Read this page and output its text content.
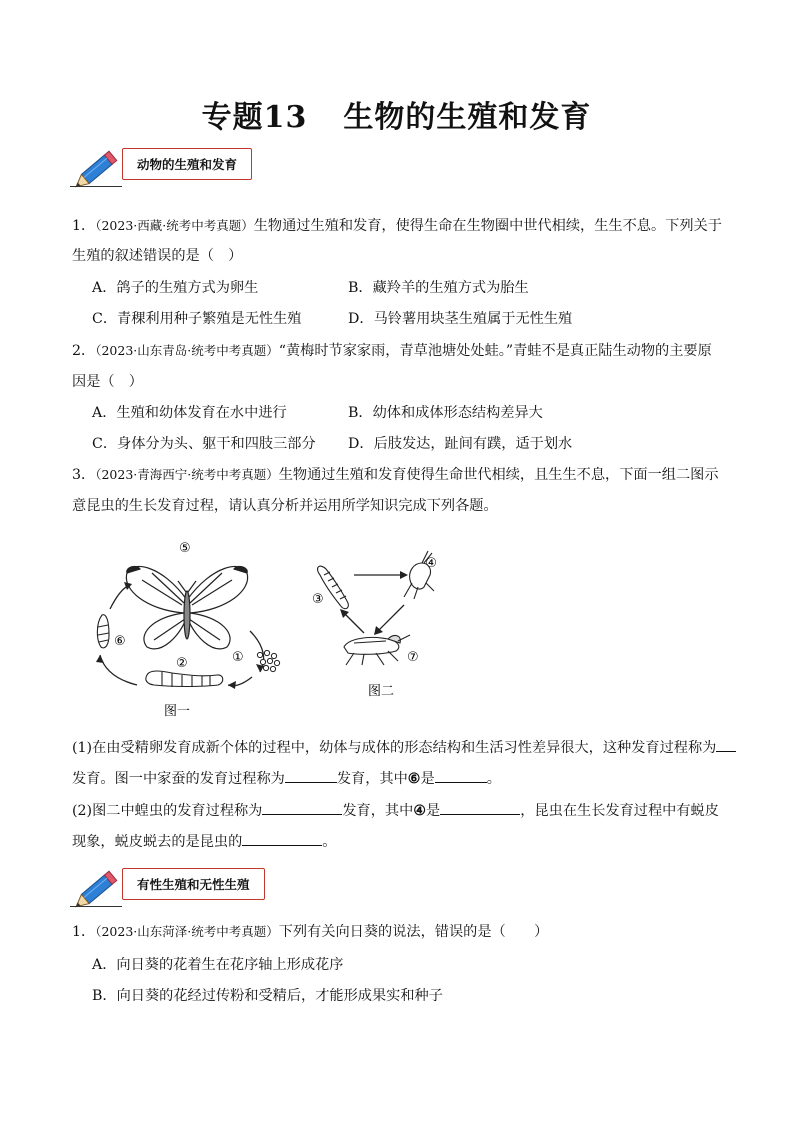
专题13 生物的生殖和发育
动物的生殖和发育
1．（2023·西藏·统考中考真题）生物通过生殖和发育，使得生命在生物圈中世代相续，生生不息。下列关于
生殖的叙述错误的是（　）
A．鸽子的生殖方式为卵生	B．藏羚羊的生殖方式为胎生
C．青稞利用种子繁殖是无性生殖	D．马铃薯用块茎生殖属于无性生殖
2．（2023·山东青岛·统考中考真题）“黄梅时节家家雨，青草池塘处处蛙。”青蛙不是真正陆生动物的主要原
因是（　）
A．生殖和幼体发育在水中进行	B．幼体和成体形态结构差异大
C．身体分为头、躯干和四肢三部分 D．后肢发达，趾间有蹼，适于划水
3．（2023·青海西宁·统考中考真题）生物通过生殖和发育使得生命世代相续，且生生不息，下面一组二图示
意昆虫的生长发育过程，请认真分析并运用所学知识完成下列各题。
⑤
①
②
⑥
图一
③
④
⑦
图二
(1)在由受精卵发育成新个体的过程中，幼体与成体的形态结构和生活习性差异很大，这种发育过程称为
发育。图一中家蚕的发育过程称为	发育，其中⑥是	。
(2)图二中蝗虫的发育过程称为	发育，其中④是	，昆虫在生长发育过程中有蜕皮
现象，蜕皮蜕去的是昆虫的	。
有性生殖和无性生殖
1．（2023·山东菏泽·统考中考真题）下列有关向日葵的说法，错误的是（　　）
A．向日葵的花着生在花序轴上形成花序
B．向日葵的花经过传粉和受精后，才能形成果实和种子
